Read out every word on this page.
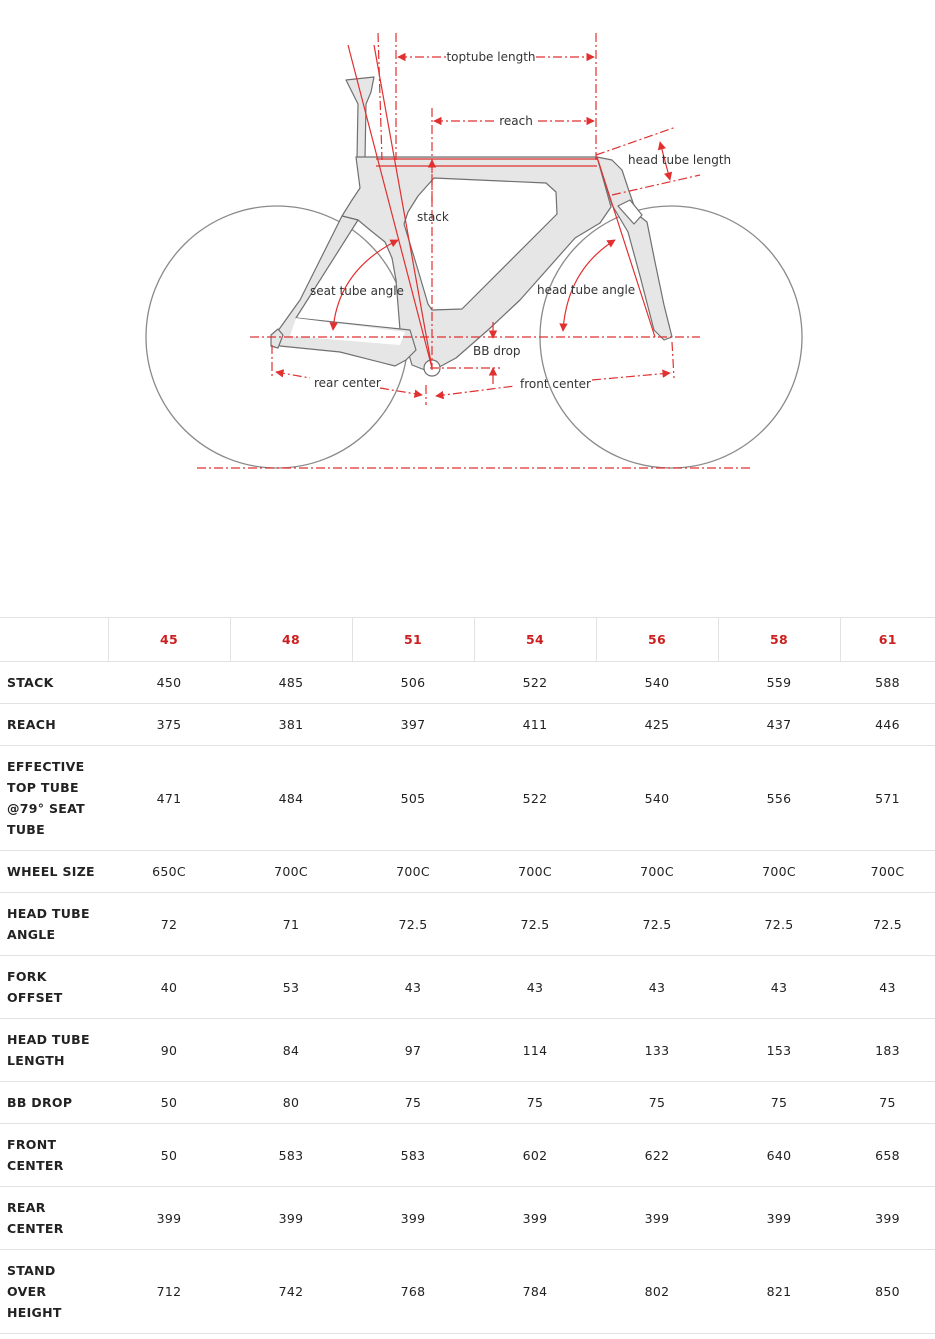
toptube length
reach
head tube length
stack
seat tube angle	head tube angle
BB drop
rear center	front center
	45	48	51	54	56	58	61
STACK	450	485	506	522	540	559	588
REACH	375	381	397	411	425	437	446
EFFECTIVE
TOP TUBE
@79° SEAT
TUBE	471	484	505	522	540	556	571
WHEEL SIZE	650C	700C	700C	700C	700C	700C	700C
HEAD TUBE
ANGLE	72	71	72.5	72.5	72.5	72.5	72.5
FORK
OFFSET	40	53	43	43	43	43	43
HEAD TUBE
LENGTH	90	84	97	114	133	153	183
BB DROP	50	80	75	75	75	75	75
FRONT
CENTER	50	583	583	602	622	640	658
REAR
CENTER	399	399	399	399	399	399	399
STAND
OVER
HEIGHT	712	742	768	784	802	821	850
